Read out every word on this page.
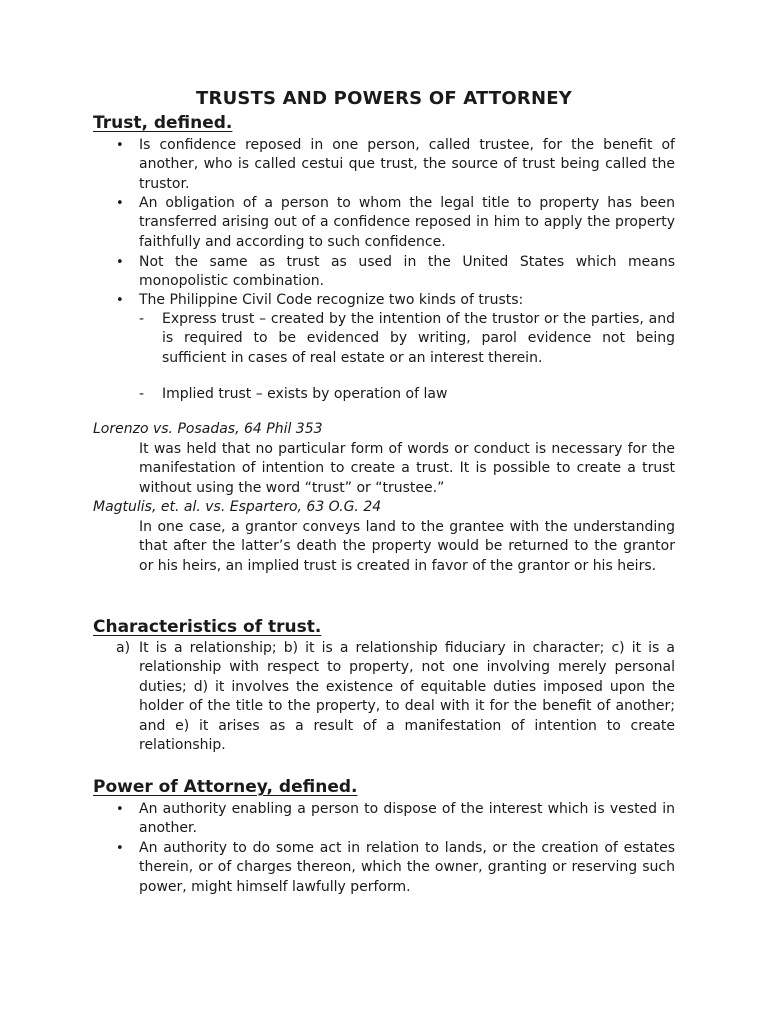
TRUSTS AND POWERS OF ATTORNEY
Trust, defined.
• Is confidence reposed in one person, called trustee, for the benefit of another, who is called cestui que trust, the source of trust being called the trustor.
• An obligation of a person to whom the legal title to property has been transferred arising out of a confidence reposed in him to apply the property faithfully and according to such confidence.
• Not the same as trust as used in the United States which means monopolistic combination.
• The Philippine Civil Code recognize two kinds of trusts:
- Express trust – created by the intention of the trustor or the parties, and is required to be evidenced by writing, parol evidence not being sufficient in cases of real estate or an interest therein.
- Implied trust – exists by operation of law
Lorenzo vs. Posadas, 64 Phil 353
It was held that no particular form of words or conduct is necessary for the manifestation of intention to create a trust. It is possible to create a trust without using the word “trust” or “trustee.”
Magtulis, et. al. vs. Espartero, 63 O.G. 24
In one case, a grantor conveys land to the grantee with the understanding that after the latter’s death the property would be returned to the grantor or his heirs, an implied trust is created in favor of the grantor or his heirs.
Characteristics of trust.
a) It is a relationship; b) it is a relationship fiduciary in character; c) it is a relationship with respect to property, not one involving merely personal duties; d) it involves the existence of equitable duties imposed upon the holder of the title to the property, to deal with it for the benefit of another; and e) it arises as a result of a manifestation of intention to create relationship.
Power of Attorney, defined.
• An authority enabling a person to dispose of the interest which is vested in another.
• An authority to do some act in relation to lands, or the creation of estates therein, or of charges thereon, which the owner, granting or reserving such power, might himself lawfully perform.
